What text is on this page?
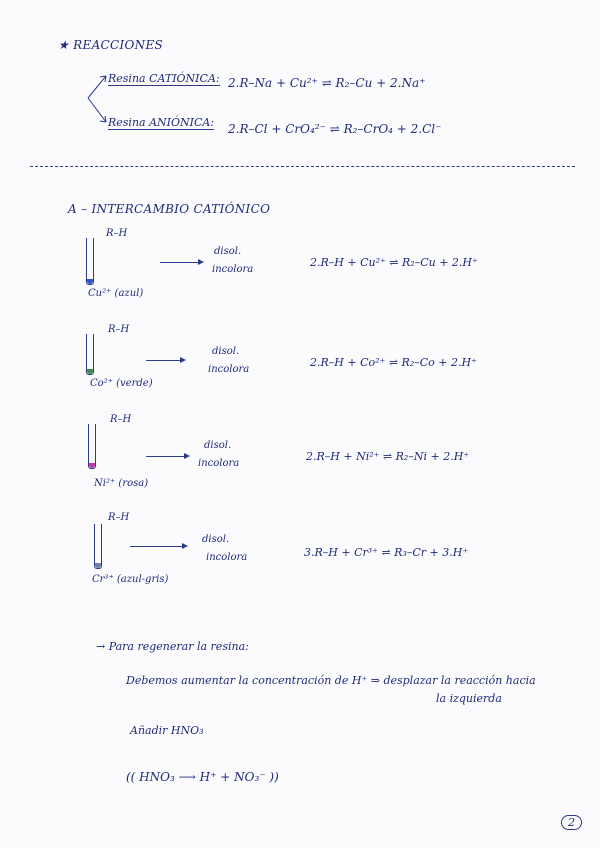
★ REACCIONES
Resina CATIÓNICA: 2.R–Na + Cu²⁺ ⇌ R₂–Cu + 2.Na⁺
Resina ANIÓNICA: 2.R–Cl + CrO₄²⁻ ⇌ R₂–CrO₄ + 2.Cl⁻
A – INTERCAMBIO CATIÓNICO
R–H
Cu²⁺ (azul)
disol.
incolora
2.R–H + Cu²⁺ ⇌ R₂–Cu + 2.H⁺
R–H
Co²⁺ (verde)
disol.
incolora
2.R–H + Co²⁺ ⇌ R₂–Co + 2.H⁺
R–H
Ni²⁺ (rosa)
disol.
incolora
2.R–H + Ni²⁺ ⇌ R₂–Ni + 2.H⁺
R–H
Cr³⁺ (azul-gris)
disol.
incolora	3.R–H + Cr³⁺ ⇌ R₃–Cr + 3.H⁺
→ Para regenerar la resina:
Debemos aumentar la concentración de H⁺ ⇒ desplazar la reacción hacia
la izquierda
Añadir HNO₃
(( HNO₃ ⟶ H⁺ + NO₃⁻ ))
2
